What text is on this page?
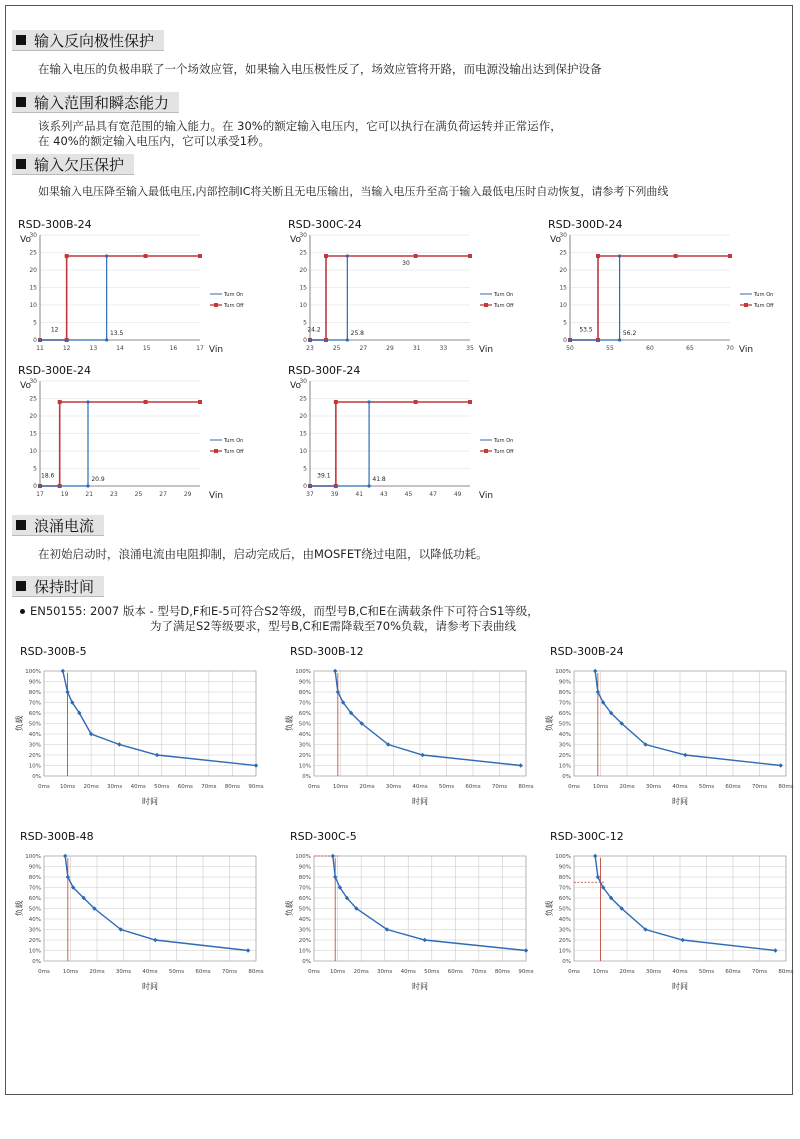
输入反向极性保护
在输入电压的负极串联了一个场效应管，如果输入电压极性反了，场效应管将开路，而电源没输出达到保护设备
输入范围和瞬态能力
该系列产品具有宽范围的输入能力。在 30%的额定输入电压内，它可以执行在满负荷运转并正常运作，
在 40%的额定输入电压内，它可以承受1秒。
输入欠压保护
如果输入电压降至输入最低电压,内部控制IC将关断且无电压输出，当输入电压升至高于输入最低电压时自动恢复，请参考下列曲线
RSD-300B-24
Vo
Vin
0
5
10
15
20
25
30
11	12	13	14	15	16	17
12	13.5
Turn On
Turn Off
RSD-300C-24
Vo
Vin
0
5
10
15
20
25
30
23	25	27	29	31	33	35
24.2	25.8
30
Turn On
Turn Off
RSD-300D-24
Vo
Vin
0
5
10
15
20
25
30
50	55	60	65	70
53.5	56.2
Turn On
Turn Off
RSD-300E-24
Vo
Vin
0
5
10
15
20
25
30
17	19	21	23	25	27	29
18.6	20.9
Turn On
Turn Off
RSD-300F-24
Vo
Vin
0
5
10
15
20
25
30
37	39	41	43	45	47	49
39.1	41.8
Turn On
Turn Off
浪涌电流
在初始启动时，浪涌电流由电阻抑制，启动完成后，由MOSFET绕过电阻，以降低功耗。
保持时间
EN50155: 2007 版本 - 型号D,F和E-5可符合S2等级，而型号B,C和E在满载条件下可符合S1等级，
为了满足S2等级要求，型号B,C和E需降载至70%负载，请参考下表曲线
RSD-300B-5
0%
10%
20%
30%
40%
50%
60%
70%
80%
90%
100%
0ms 10ms 20ms 30ms 40ms 50ms 60ms 70ms 80ms 90ms
负载
时间
RSD-300B-12
0%
10%
20%
30%
40%
50%
60%
70%
80%
90%
100%
0ms 10ms 20ms 30ms 40ms 50ms 60ms 70ms 80ms
负载
时间
RSD-300B-24
0%
10%
20%
30%
40%
50%
60%
70%
80%
90%
100%
0ms 10ms 20ms 30ms 40ms 50ms 60ms 70ms 80ms
负载
时间
RSD-300B-48
0%
10%
20%
30%
40%
50%
60%
70%
80%
90%
100%
0ms 10ms 20ms 30ms 40ms 50ms 60ms 70ms 80ms
负载
时间
RSD-300C-5
0%
10%
20%
30%
40%
50%
60%
70%
80%
90%
100%
0ms 10ms 20ms 30ms 40ms 50ms 60ms 70ms 80ms 90ms
负载
时间
RSD-300C-12
0%
10%
20%
30%
40%
50%
60%
70%
80%
90%
100%
0ms 10ms 20ms 30ms 40ms 50ms 60ms 70ms 80ms
负载
时间
